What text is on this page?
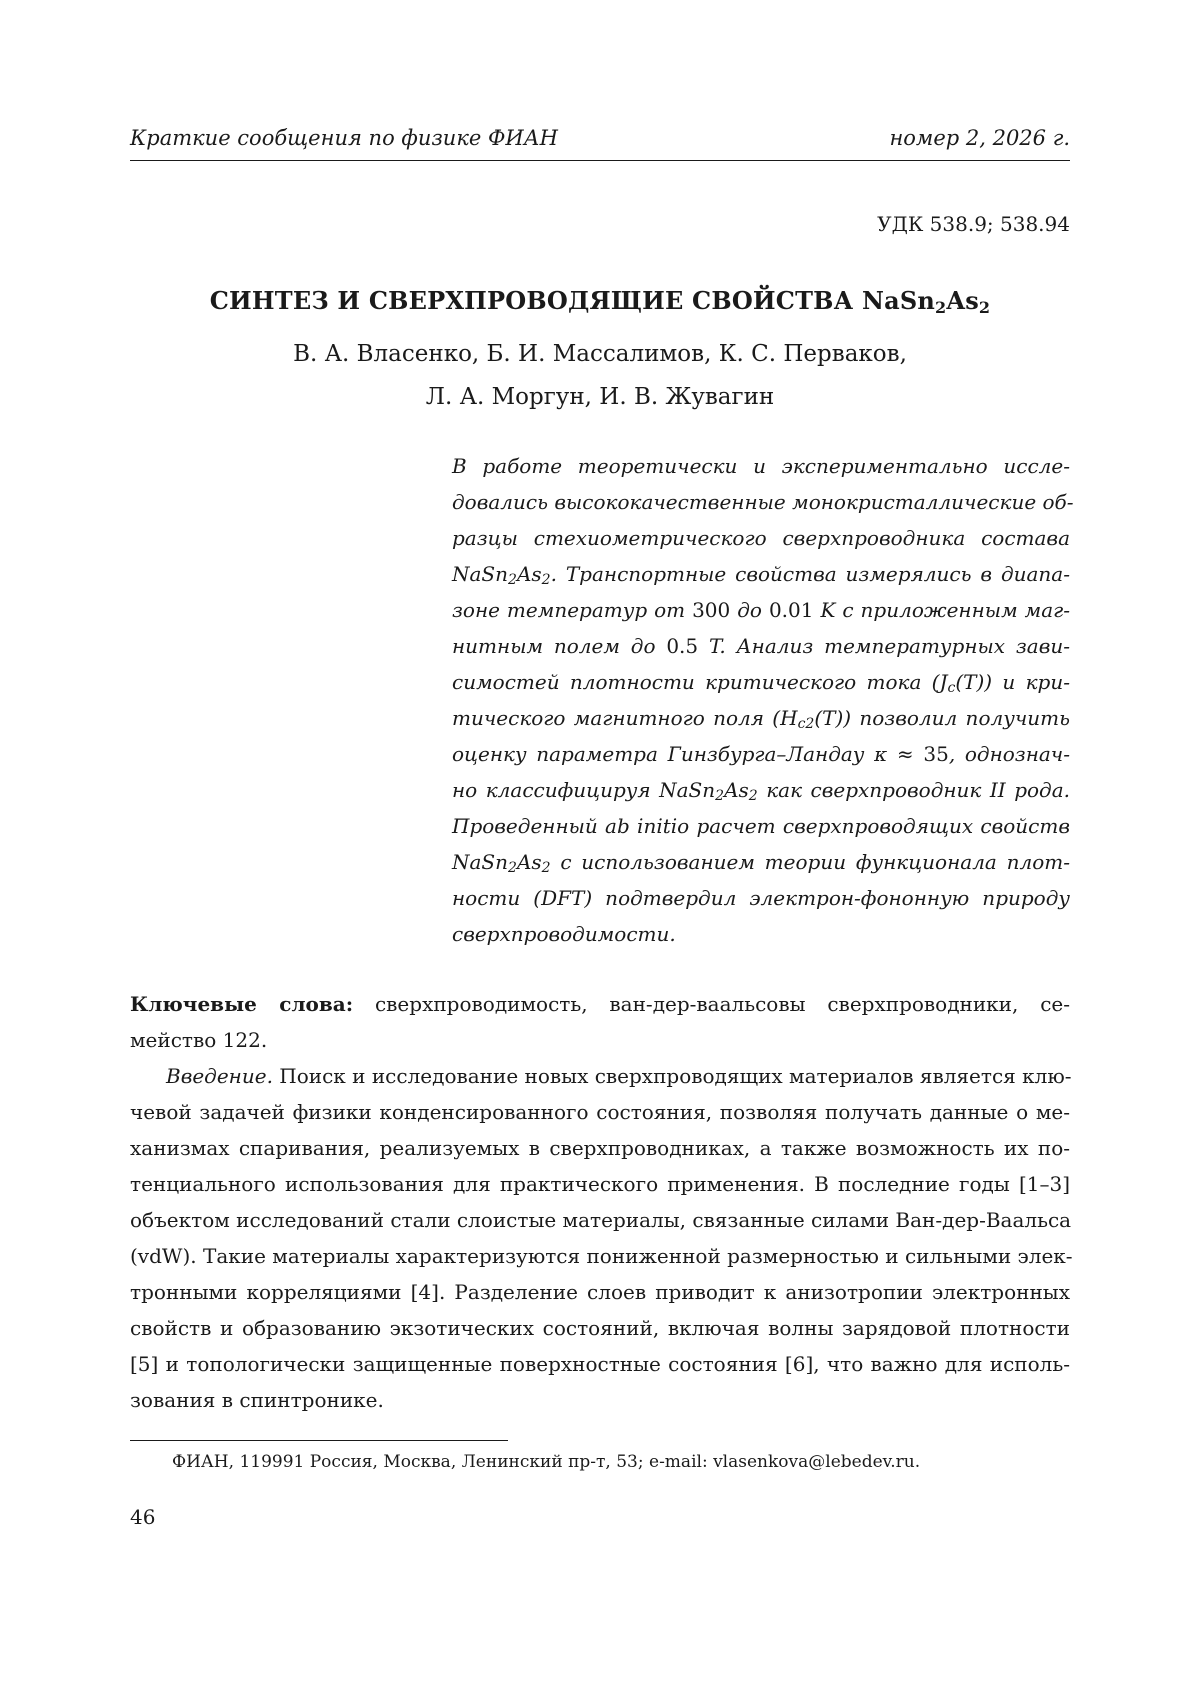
Краткие сообщения по физике ФИАН	номер 2, 2026 г.
УДК 538.9; 538.94
СИНТЕЗ И СВЕРХПРОВОДЯЩИЕ СВОЙСТВА $NaSn_2As_2$
В. А. Власенко, Б. И. Массалимов, К. С. Перваков,
Л. А. Моргун, И. В. Жувагин
В работе теоретически и экспериментально иссле-
довались высококачественные монокристаллические об-
разцы стехиометрического сверхпроводника состава
$NaSn_2As_2$. Транспортные свойства измерялись в диапа-
зоне температур от 300 до 0.01 K с приложенным маг-
нитным полем до 0.5 T. Анализ температурных зави-
симостей плотности критического тока $(J_c(T))$ и кри-
тического магнитного поля $(H_{c2}(T))$ позволил получить
оценку параметра Гинзбурга–Ландау κ ≈ 35, однознач-
но классифицируя $NaSn_2As_2$ как сверхпроводник II рода.
Проведенный ab initio расчет сверхпроводящих свойств
$NaSn_2As_2$ с использованием теории функционала плот-
ности (DFT) подтвердил электрон-фононную природу
сверхпроводимости.
Ключевые слова: сверхпроводимость, ван-дер-ваальсовы сверхпроводники, се-
мейство 122.
Введение. Поиск и исследование новых сверхпроводящих материалов является клю-
чевой задачей физики конденсированного состояния, позволяя получать данные о ме-
ханизмах спаривания, реализуемых в сверхпроводниках, а также возможность их по-
тенциального использования для практического применения. В последние годы [1–3]
объектом исследований стали слоистые материалы, связанные силами Ван-дер-Ваальса
(vdW). Такие материалы характеризуются пониженной размерностью и сильными элек-
тронными корреляциями [4]. Разделение слоев приводит к анизотропии электронных
свойств и образованию экзотических состояний, включая волны зарядовой плотности
[5] и топологически защищенные поверхностные состояния [6], что важно для исполь-
зования в спинтронике.
ФИАН, 119991 Россия, Москва, Ленинский пр-т, 53; e-mail: vlasenkova@lebedev.ru.
46
